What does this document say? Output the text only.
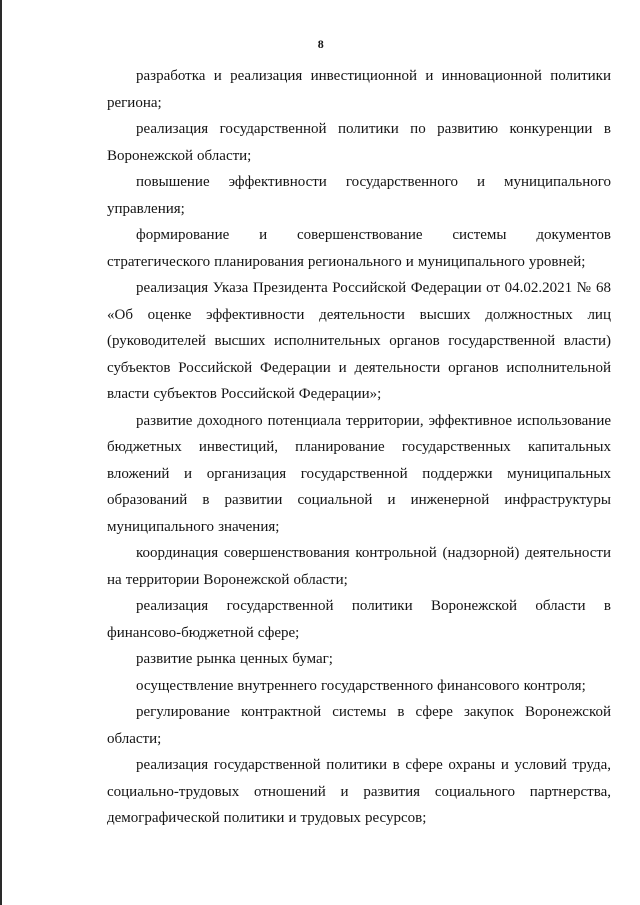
8

разработка и реализация инвестиционной и инновационной политики региона;

реализация государственной политики по развитию конкуренции в Воронежской области;

повышение эффективности государственного и муниципального управления;

формирование и совершенствование системы документов стратегического планирования регионального и муниципального уровней;

реализация Указа Президента Российской Федерации от 04.02.2021 № 68 «Об оценке эффективности деятельности высших должностных лиц (руководителей высших исполнительных органов государственной власти) субъектов Российской Федерации и деятельности органов исполнительной власти субъектов Российской Федерации»;

развитие доходного потенциала территории, эффективное использование бюджетных инвестиций, планирование государственных капитальных вложений и организация государственной поддержки муниципальных образований в развитии социальной и инженерной инфраструктуры муниципального значения;

координация совершенствования контрольной (надзорной) деятельности на территории Воронежской области;

реализация государственной политики Воронежской области в финансово-бюджетной сфере;

развитие рынка ценных бумаг;

осуществление внутреннего государственного финансового контроля;

регулирование контрактной системы в сфере закупок Воронежской области;

реализация государственной политики в сфере охраны и условий труда, социально-трудовых отношений и развития социального партнерства, демографической политики и трудовых ресурсов;
